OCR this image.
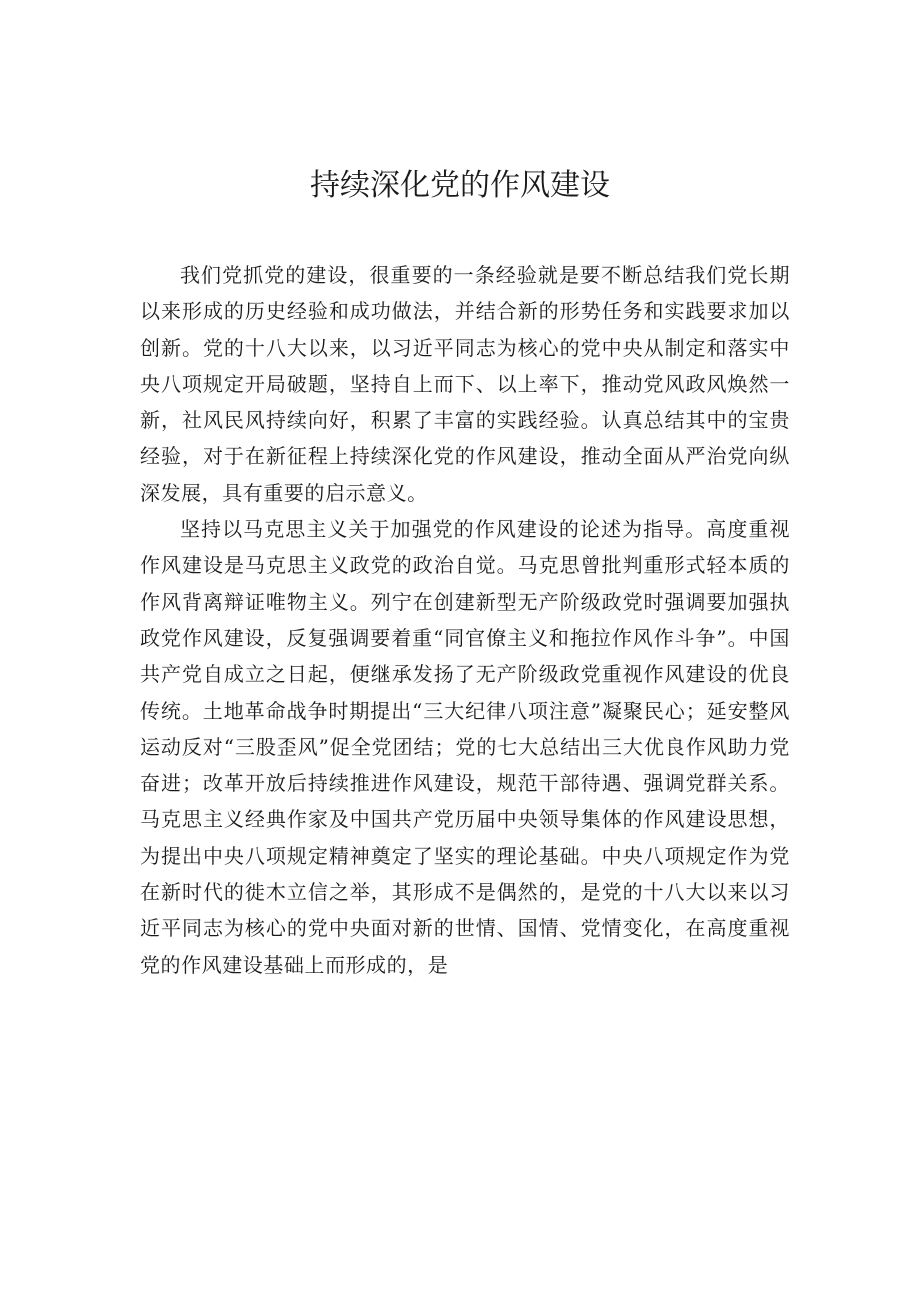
持续深化党的作风建设

我们党抓党的建设，很重要的一条经验就是要不断总结我们党长期以来形成的历史经验和成功做法，并结合新的形势任务和实践要求加以创新。党的十八大以来，以习近平同志为核心的党中央从制定和落实中央八项规定开局破题，坚持自上而下、以上率下，推动党风政风焕然一新，社风民风持续向好，积累了丰富的实践经验。认真总结其中的宝贵经验，对于在新征程上持续深化党的作风建设，推动全面从严治党向纵深发展，具有重要的启示意义。

坚持以马克思主义关于加强党的作风建设的论述为指导。高度重视作风建设是马克思主义政党的政治自觉。马克思曾批判重形式轻本质的作风背离辩证唯物主义。列宁在创建新型无产阶级政党时强调要加强执政党作风建设，反复强调要着重“同官僚主义和拖拉作风作斗争”。中国共产党自成立之日起，便继承发扬了无产阶级政党重视作风建设的优良传统。土地革命战争时期提出“三大纪律八项注意”凝聚民心；延安整风运动反对“三股歪风”促全党团结；党的七大总结出三大优良作风助力党奋进；改革开放后持续推进作风建设，规范干部待遇、强调党群关系。马克思主义经典作家及中国共产党历届中央领导集体的作风建设思想，为提出中央八项规定精神奠定了坚实的理论基础。中央八项规定作为党在新时代的徙木立信之举，其形成不是偶然的，是党的十八大以来以习近平同志为核心的党中央面对新的世情、国情、党情变化，在高度重视党的作风建设基础上而形成的，是
